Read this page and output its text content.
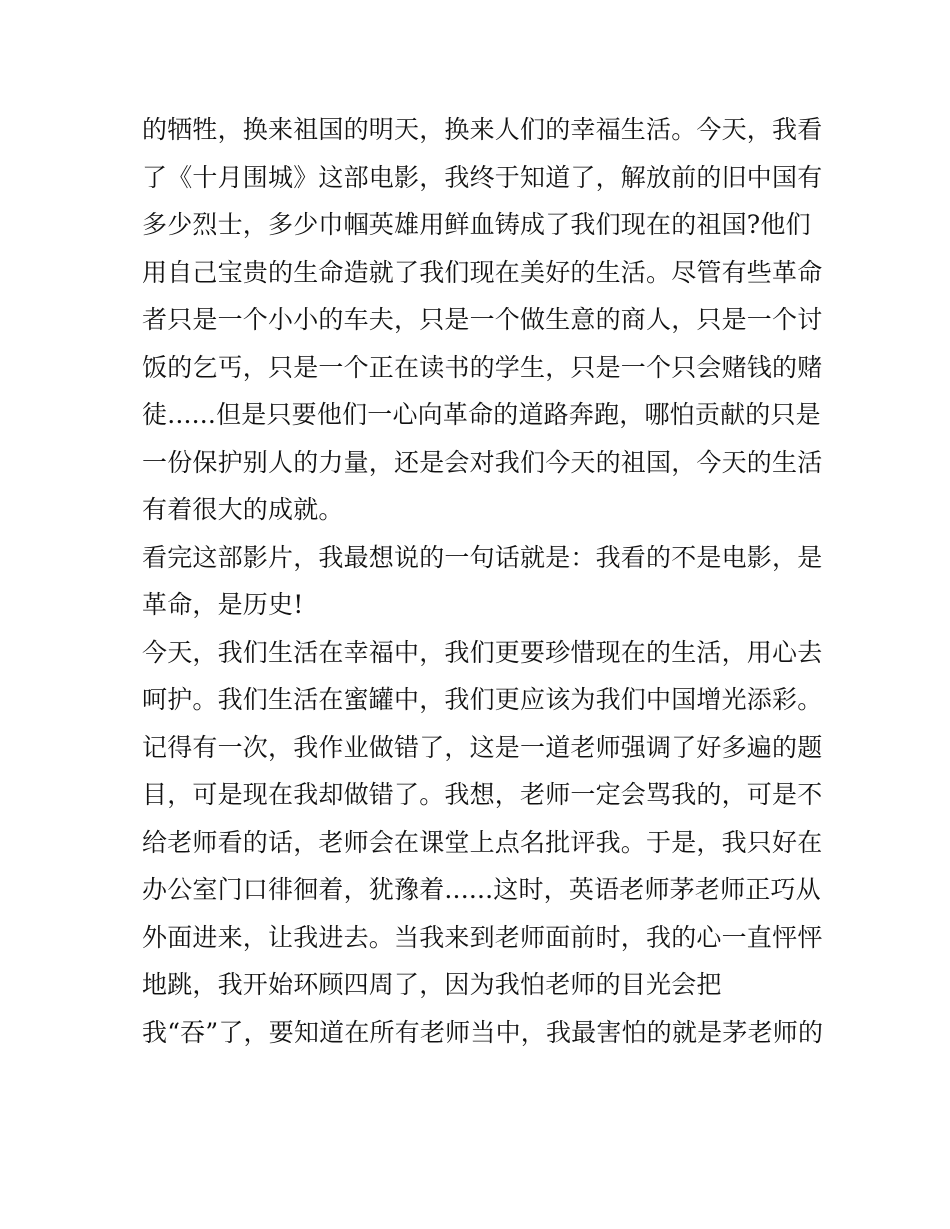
的牺牲，换来祖国的明天，换来人们的幸福生活。今天，我看
了《十月围城》这部电影，我终于知道了，解放前的旧中国有
多少烈士，多少巾帼英雄用鲜血铸成了我们现在的祖国?他们
用自己宝贵的生命造就了我们现在美好的生活。尽管有些革命
者只是一个小小的车夫，只是一个做生意的商人，只是一个讨
饭的乞丐，只是一个正在读书的学生，只是一个只会赌钱的赌
徒......但是只要他们一心向革命的道路奔跑，哪怕贡献的只是
一份保护别人的力量，还是会对我们今天的祖国，今天的生活
有着很大的成就。
看完这部影片，我最想说的一句话就是：我看的不是电影，是
革命，是历史!
今天，我们生活在幸福中，我们更要珍惜现在的生活，用心去
呵护。我们生活在蜜罐中，我们更应该为我们中国增光添彩。
记得有一次，我作业做错了，这是一道老师强调了好多遍的题
目，可是现在我却做错了。我想，老师一定会骂我的，可是不
给老师看的话，老师会在课堂上点名批评我。于是，我只好在
办公室门口徘徊着，犹豫着......这时，英语老师茅老师正巧从
外面进来，让我进去。当我来到老师面前时，我的心一直怦怦
地跳，我开始环顾四周了，因为我怕老师的目光会把
我“吞”了，要知道在所有老师当中，我最害怕的就是茅老师的
